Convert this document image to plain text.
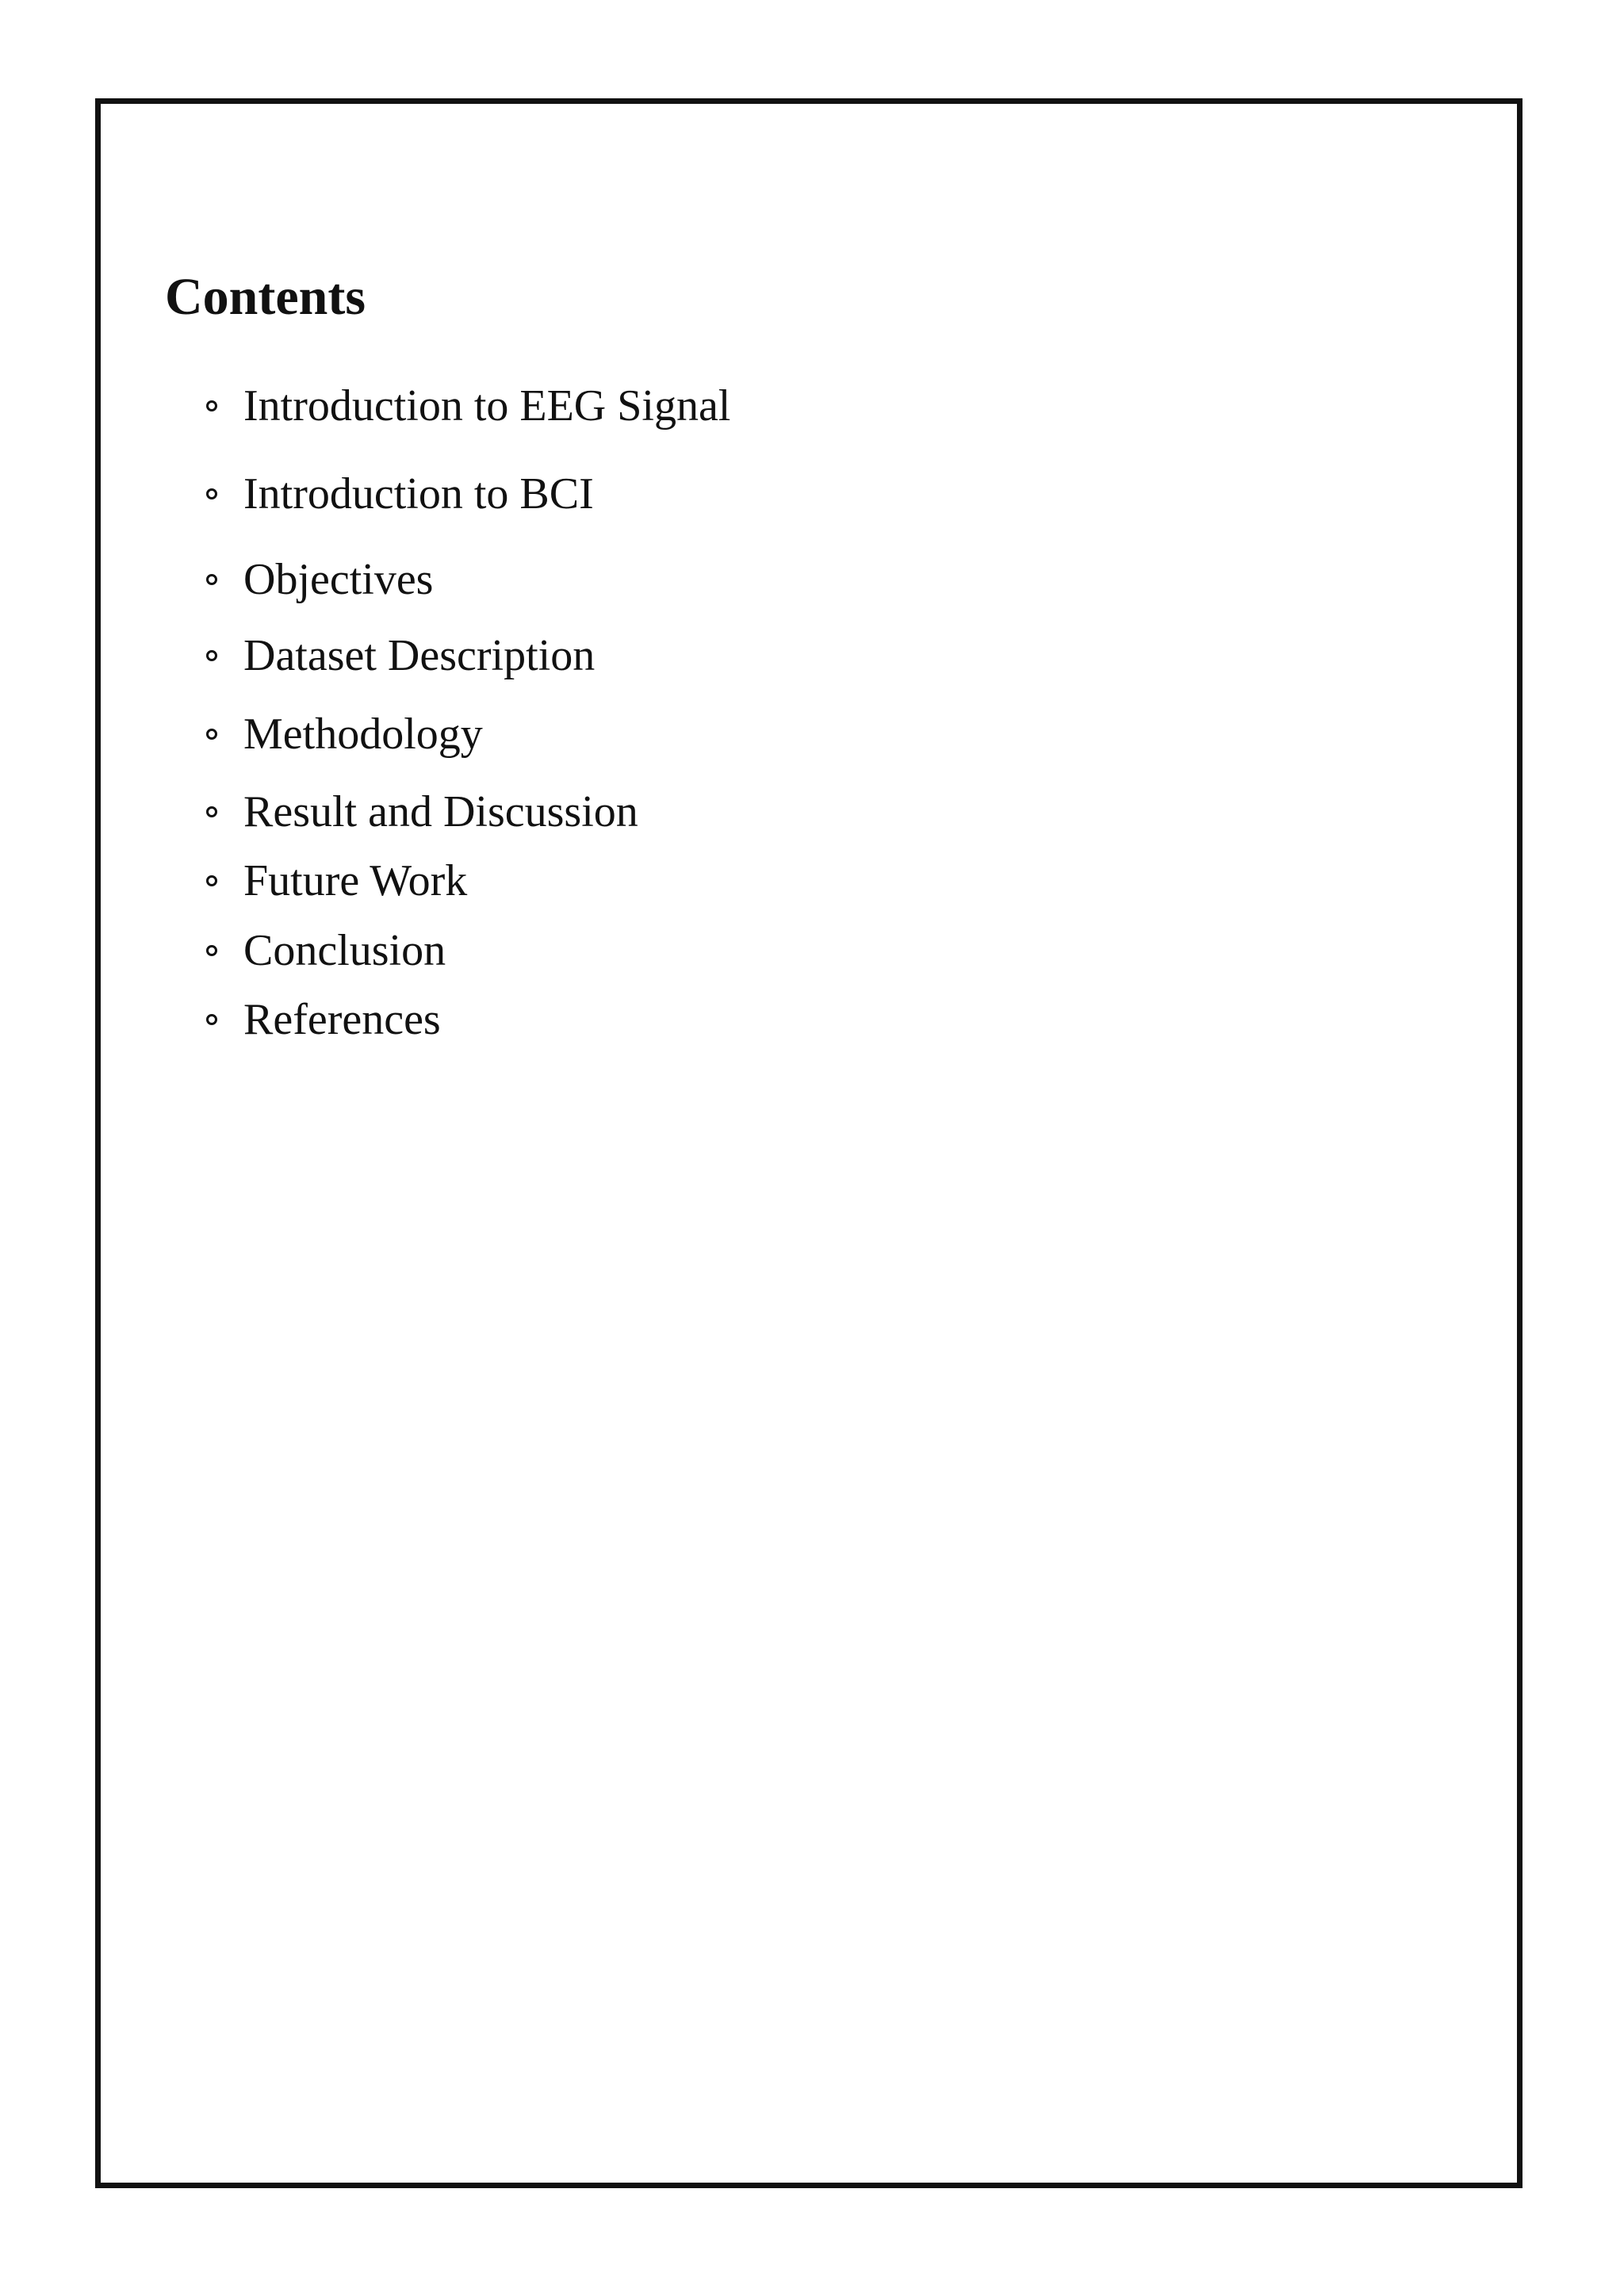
Contents
Introduction to EEG Signal
Introduction to BCI
Objectives
Dataset Description
Methodology
Result and Discussion
Future Work
Conclusion
References
